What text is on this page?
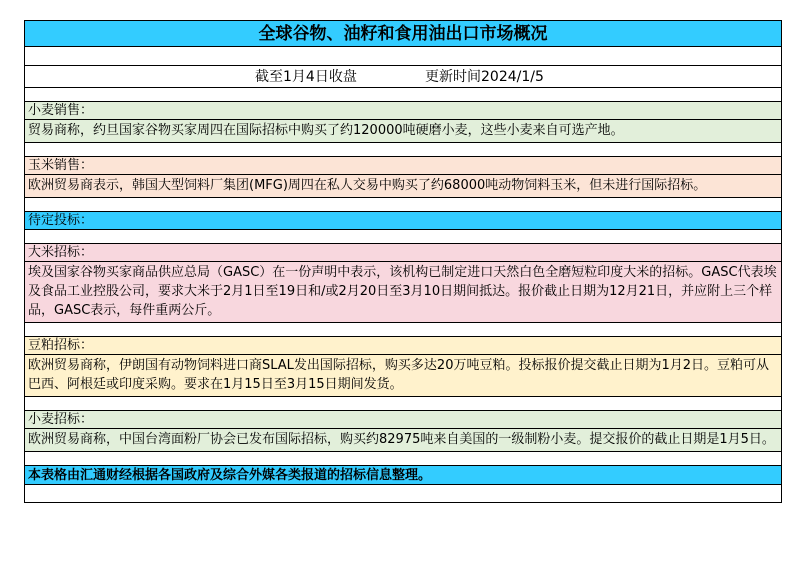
全球谷物、油籽和食用油出口市场概况
截至1月4日收盘	更新时间2024/1/5
小麦销售：
贸易商称，约旦国家谷物买家周四在国际招标中购买了约120000吨硬磨小麦，这些小麦来自可选产地。
玉米销售：
欧洲贸易商表示，韩国大型饲料厂集团(MFG)周四在私人交易中购买了约68000吨动物饲料玉米，但未进行国际招标。
待定投标：
大米招标：
埃及国家谷物买家商品供应总局（GASC）在一份声明中表示，该机构已制定进口天然白色全磨短粒印度大米的招标。GASC代表埃及食品工业控股公司，要求大米于2月1日至19日和/或2月20日至3月10日期间抵达。报价截止日期为12月21日，并应附上三个样品，GASC表示，每件重两公斤。
豆粕招标：
欧洲贸易商称，伊朗国有动物饲料进口商SLAL发出国际招标，购买多达20万吨豆粕。投标报价提交截止日期为1月2日。豆粕可从巴西、阿根廷或印度采购。要求在1月15日至3月15日期间发货。
小麦招标：
欧洲贸易商称，中国台湾面粉厂协会已发布国际招标，购买约82975吨来自美国的一级制粉小麦。提交报价的截止日期是1月5日。
本表格由汇通财经根据各国政府及综合外媒各类报道的招标信息整理。
